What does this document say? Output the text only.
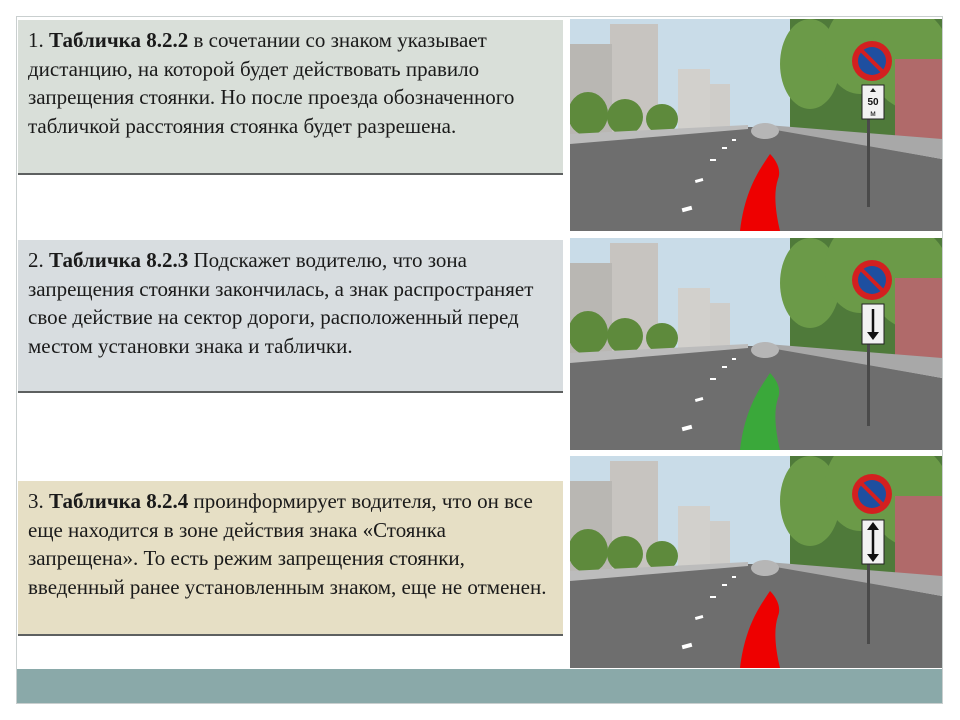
1. Табличка 8.2.2 в сочетании со знаком указывает дистанцию, на которой будет действовать правило запрещения стоянки. Но после проезда обозначенного табличкой расстояния стоянка будет разрешена.
2. Табличка 8.2.3 Подскажет водителю, что зона запрещения стоянки закончилась, а знак распространяет свое действие на сектор дороги, расположенный перед местом установки знака и таблички.
3. Табличка 8.2.4 проинформирует водителя, что он все еще находится в зоне действия знака «Стоянка запрещена». То есть режим запрещения стоянки, введенный ранее установленным знаком, еще не отменен.
50
м
